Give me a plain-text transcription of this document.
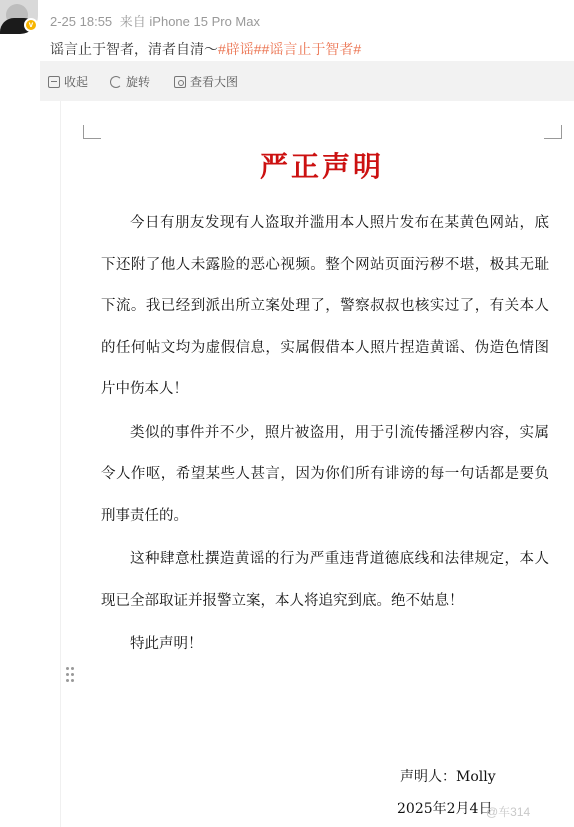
v	2-25 18:55 来自 iPhone 15 Pro Max
谣言止于智者，清者自清～#辟谣##谣言止于智者#
收起	旋转	查看大图
严正声明

今日有朋友发现有人盗取并滥用本人照片发布在某黄色网站，底下还附了他人未露脸的恶心视频。整个网站页面污秽不堪，极其无耻下流。我已经到派出所立案处理了，警察叔叔也核实过了，有关本人的任何帖文均为虚假信息，实属假借本人照片捏造黄谣、伪造色情图片中伤本人！

类似的事件并不少，照片被盗用，用于引流传播淫秽内容，实属令人作呕，希望某些人甚言，因为你们所有诽谤的每一句话都是要负刑事责任的。

这种肆意杜撰造黄谣的行为严重违背道德底线和法律规定，本人现已全部取证并报警立案，本人将追究到底。绝不姑息！

特此声明！

声明人：Molly
2025年2月4日
@车314
